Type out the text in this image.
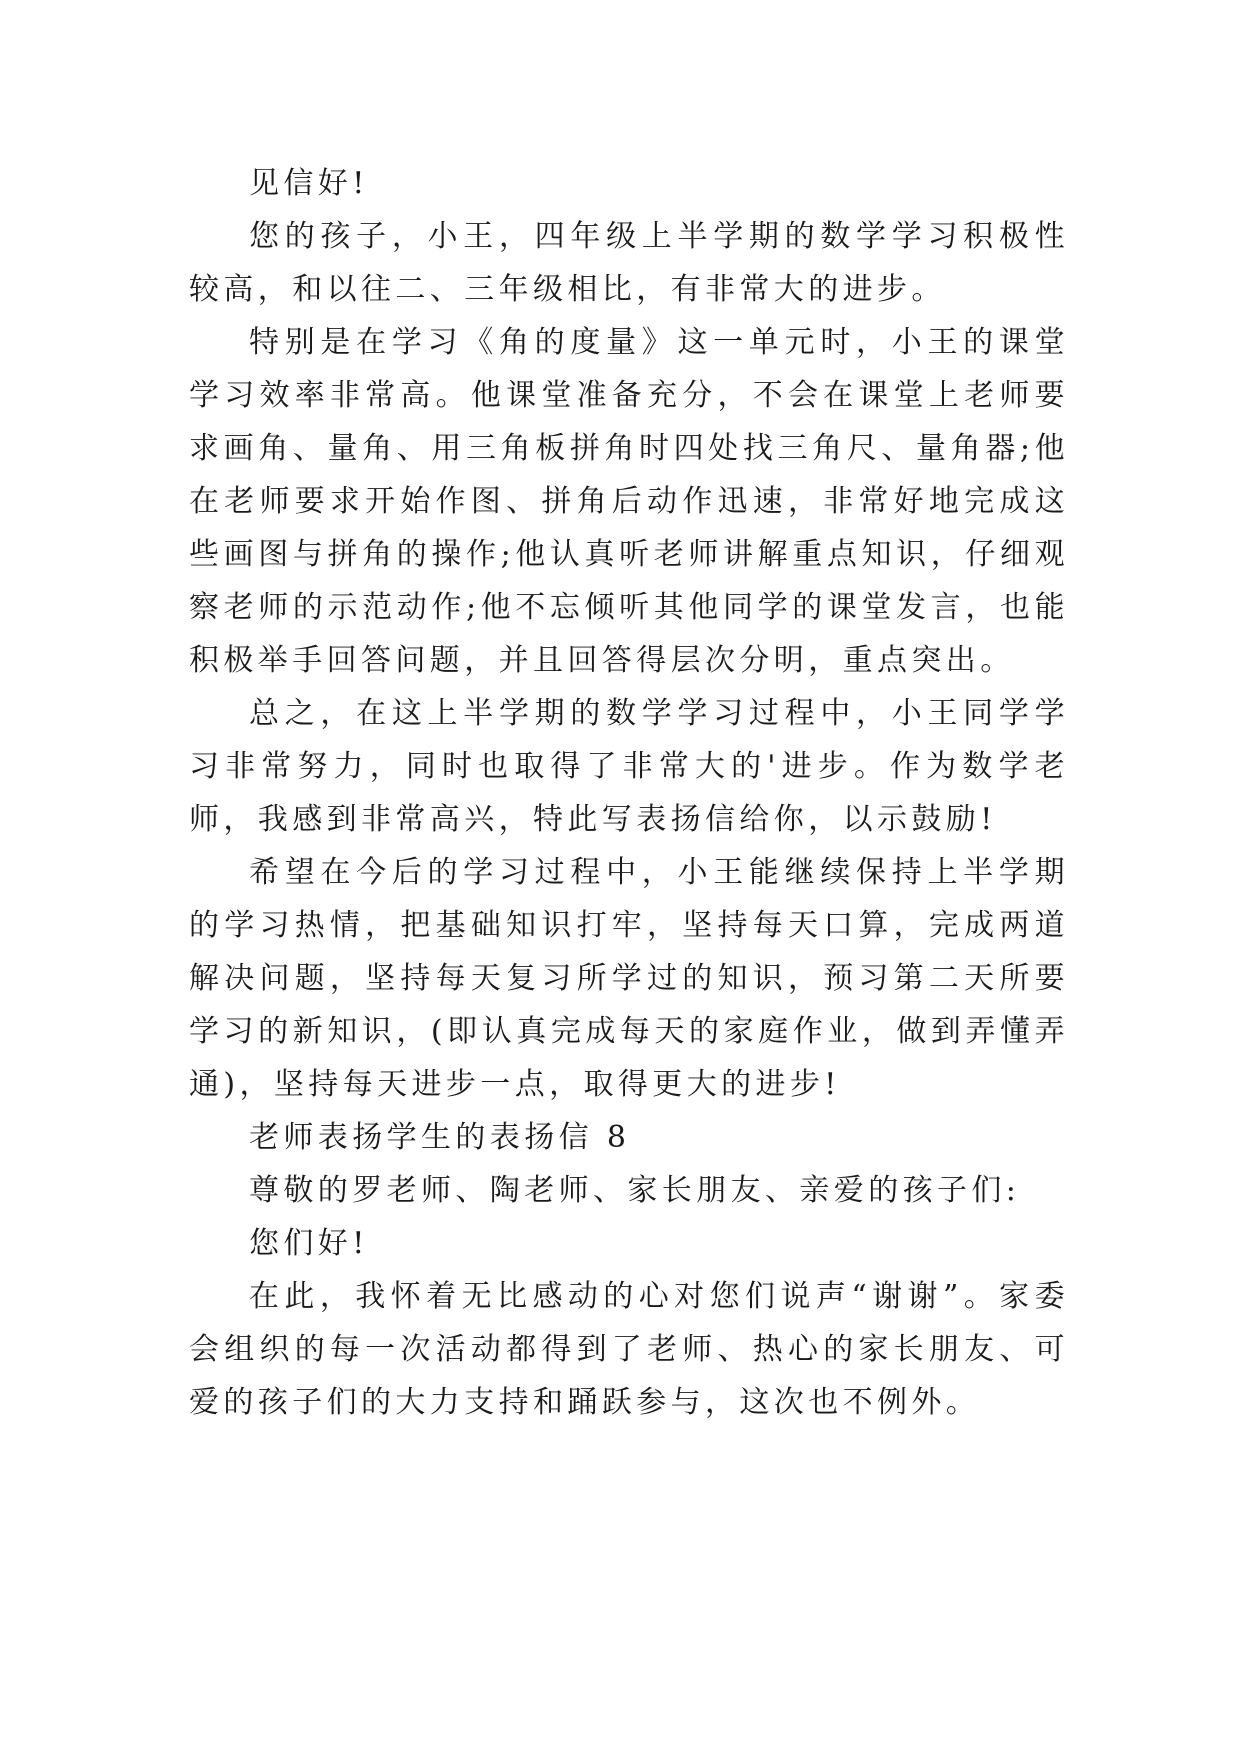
见信好!

您的孩子，小王，四年级上半学期的数学学习积极性较高，和以往二、三年级相比，有非常大的进步。

特别是在学习《角的度量》这一单元时，小王的课堂学习效率非常高。他课堂准备充分，不会在课堂上老师要求画角、量角、用三角板拼角时四处找三角尺、量角器;他在老师要求开始作图、拼角后动作迅速，非常好地完成这些画图与拼角的操作;他认真听老师讲解重点知识，仔细观察老师的示范动作;他不忘倾听其他同学的课堂发言，也能积极举手回答问题，并且回答得层次分明，重点突出。

总之，在这上半学期的数学学习过程中，小王同学学习非常努力，同时也取得了非常大的'进步。作为数学老师，我感到非常高兴，特此写表扬信给你，以示鼓励!

希望在今后的学习过程中，小王能继续保持上半学期的学习热情，把基础知识打牢，坚持每天口算，完成两道解决问题，坚持每天复习所学过的知识，预习第二天所要学习的新知识，(即认真完成每天的家庭作业，做到弄懂弄通)，坚持每天进步一点，取得更大的进步!

老师表扬学生的表扬信 8

尊敬的罗老师、陶老师、家长朋友、亲爱的孩子们:

您们好!

在此，我怀着无比感动的心对您们说声“谢谢”。家委会组织的每一次活动都得到了老师、热心的家长朋友、可爱的孩子们的大力支持和踊跃参与，这次也不例外。
